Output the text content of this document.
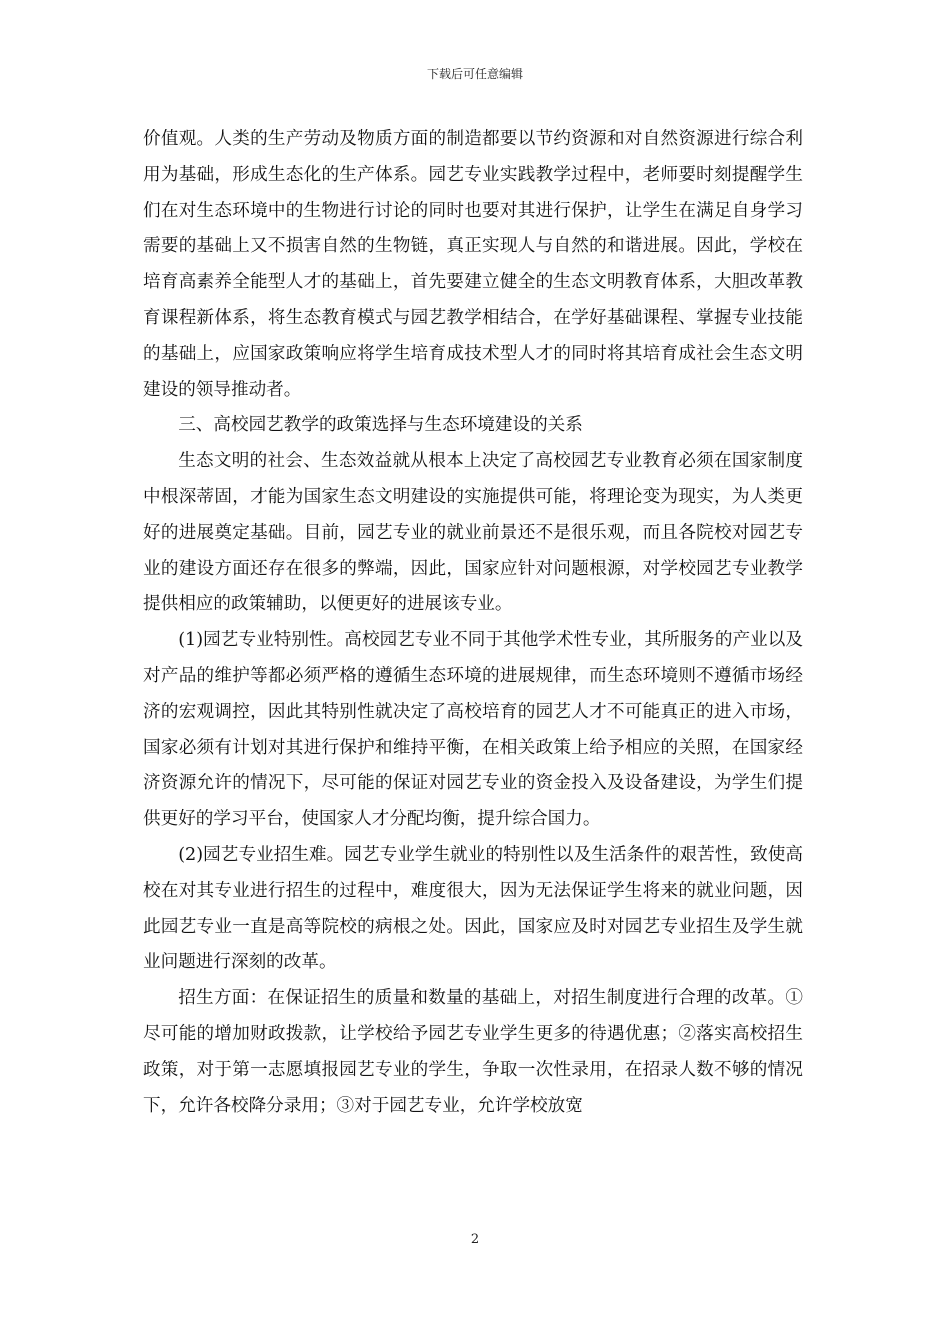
下载后可任意编辑

价值观。人类的生产劳动及物质方面的制造都要以节约资源和对自然资源进行综合利用为基础，形成生态化的生产体系。园艺专业实践教学过程中，老师要时刻提醒学生们在对生态环境中的生物进行讨论的同时也要对其进行保护，让学生在满足自身学习需要的基础上又不损害自然的生物链，真正实现人与自然的和谐进展。因此，学校在培育高素养全能型人才的基础上，首先要建立健全的生态文明教育体系，大胆改革教育课程新体系，将生态教育模式与园艺教学相结合，在学好基础课程、掌握专业技能的基础上，应国家政策响应将学生培育成技术型人才的同时将其培育成社会生态文明建设的领导推动者。

三、高校园艺教学的政策选择与生态环境建设的关系

生态文明的社会、生态效益就从根本上决定了高校园艺专业教育必须在国家制度中根深蒂固，才能为国家生态文明建设的实施提供可能，将理论变为现实，为人类更好的进展奠定基础。目前，园艺专业的就业前景还不是很乐观，而且各院校对园艺专业的建设方面还存在很多的弊端，因此，国家应针对问题根源，对学校园艺专业教学提供相应的政策辅助，以便更好的进展该专业。

(1)园艺专业特别性。高校园艺专业不同于其他学术性专业，其所服务的产业以及对产品的维护等都必须严格的遵循生态环境的进展规律，而生态环境则不遵循市场经济的宏观调控，因此其特别性就决定了高校培育的园艺人才不可能真正的进入市场，国家必须有计划对其进行保护和维持平衡，在相关政策上给予相应的关照，在国家经济资源允许的情况下，尽可能的保证对园艺专业的资金投入及设备建设，为学生们提供更好的学习平台，使国家人才分配均衡，提升综合国力。

(2)园艺专业招生难。园艺专业学生就业的特别性以及生活条件的艰苦性，致使高校在对其专业进行招生的过程中，难度很大，因为无法保证学生将来的就业问题，因此园艺专业一直是高等院校的病根之处。因此，国家应及时对园艺专业招生及学生就业问题进行深刻的改革。

招生方面：在保证招生的质量和数量的基础上，对招生制度进行合理的改革。①尽可能的增加财政拨款，让学校给予园艺专业学生更多的待遇优惠；②落实高校招生政策，对于第一志愿填报园艺专业的学生，争取一次性录用，在招录人数不够的情况下，允许各校降分录用；③对于园艺专业，允许学校放宽

2
